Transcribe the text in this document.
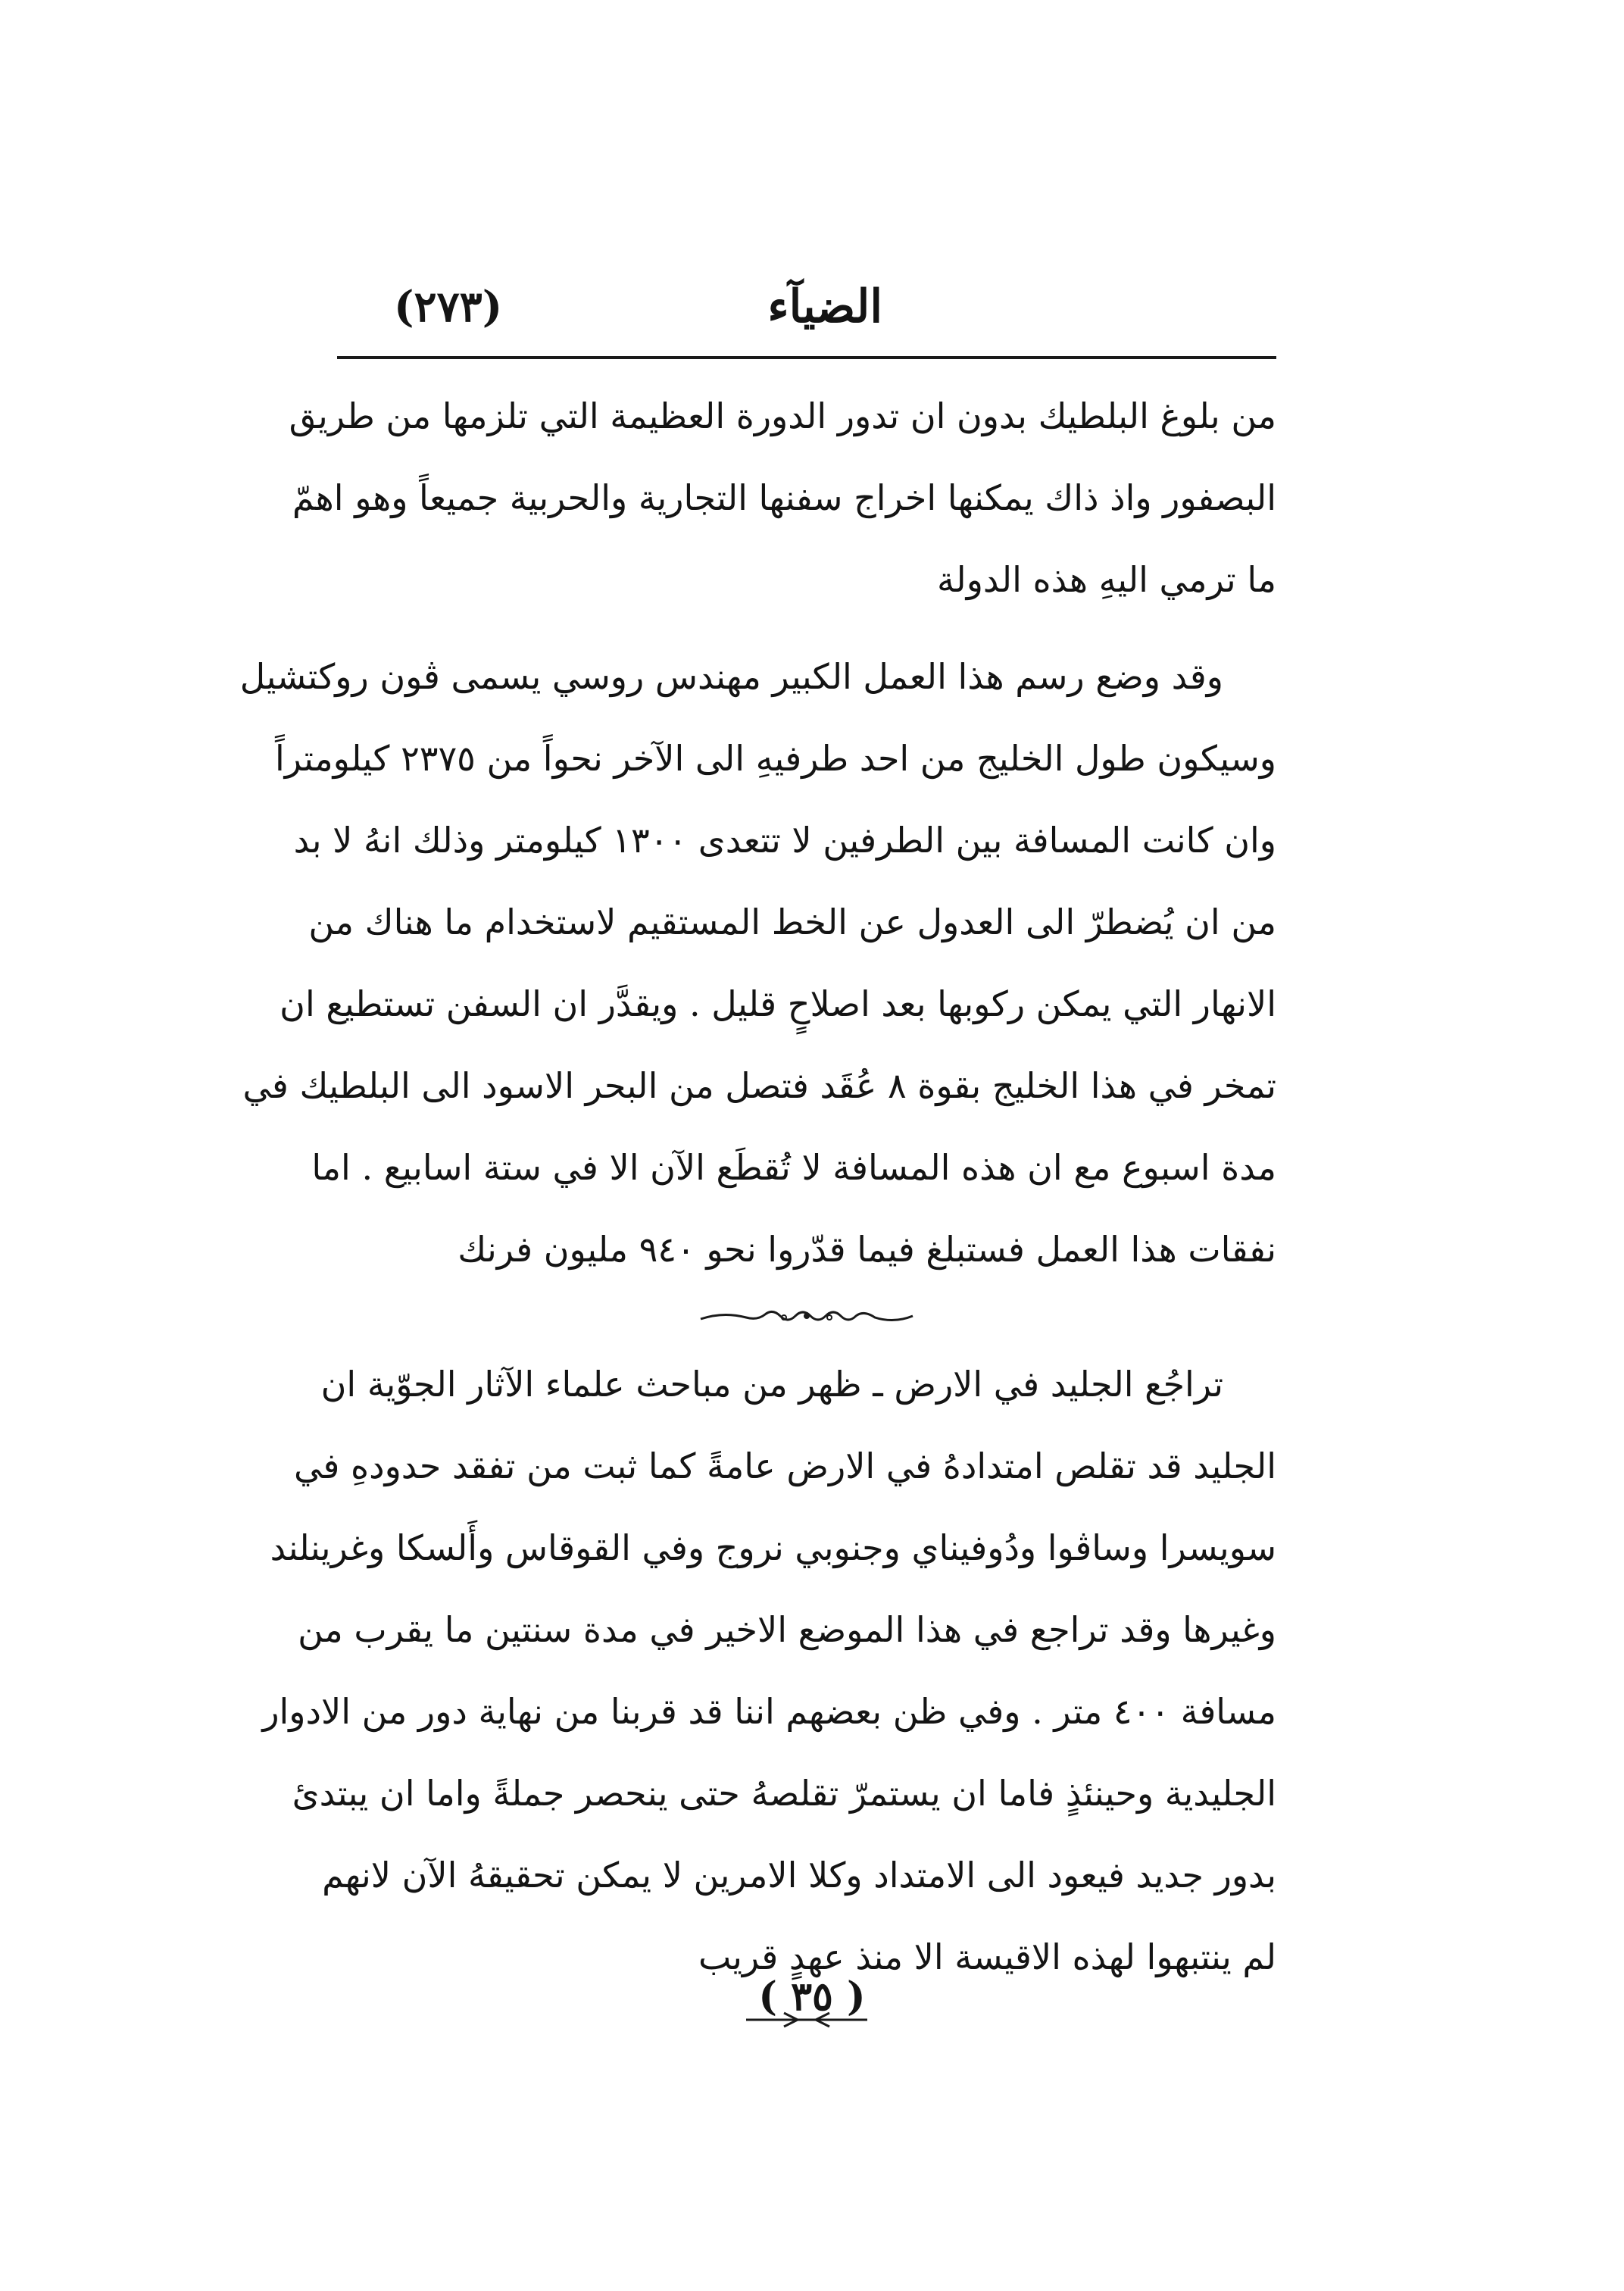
(٢٧٣)	الضيآء
من بلوغ البلطيك بدون ان تدور الدورة العظيمة التي تلزمها من طريق
البصفور واذ ذاك يمكنها اخراج سفنها التجارية والحربية جميعاً وهو اهمّ
ما ترمي اليهِ هذه الدولة
وقد وضع رسم هذا العمل الكبير مهندس روسي يسمى ڤون روكتشيل
وسيكون طول الخليج من احد طرفيهِ الى الآخر نحواً من ٢٣٧٥ كيلومتراً
وان كانت المسافة بين الطرفين لا تتعدى ١٣٠٠ كيلومتر وذلك انهُ لا بد
من ان يُضطرّ الى العدول عن الخط المستقيم لاستخدام ما هناك من
الانهار التي يمكن ركوبها بعد اصلاحٍ قليل . ويقدَّر ان السفن تستطيع ان
تمخر في هذا الخليج بقوة ٨ عُقَد فتصل من البحر الاسود الى البلطيك في
مدة اسبوع مع ان هذه المسافة لا تُقطَع الآن الا في ستة اسابيع . اما
نفقات هذا العمل فستبلغ فيما قدّروا نحو ٩٤٠ مليون فرنك
تراجُع الجليد في الارض ـ ظهر من مباحث علماء الآثار الجوّية ان
الجليد قد تقلص امتدادهُ في الارض عامةً كما ثبت من تفقد حدودهِ في
سويسرا وساڤوا ودُوفيناي وجنوبي نروج وفي القوقاس وأَلسكا وغرينلند
وغيرها وقد تراجع في هذا الموضع الاخير في مدة سنتين ما يقرب من
مسافة ٤٠٠ متر . وفي ظن بعضهم اننا قد قربنا من نهاية دور من الادوار
الجليدية وحينئذٍ فاما ان يستمرّ تقلصهُ حتى ينحصر جملةً واما ان يبتدئ
بدور جديد فيعود الى الامتداد وكلا الامرين لا يمكن تحقيقهُ الآن لانهم
لم ينتبهوا لهذه الاقيسة الا منذ عهدٍ قريب
( ٣٥ )
